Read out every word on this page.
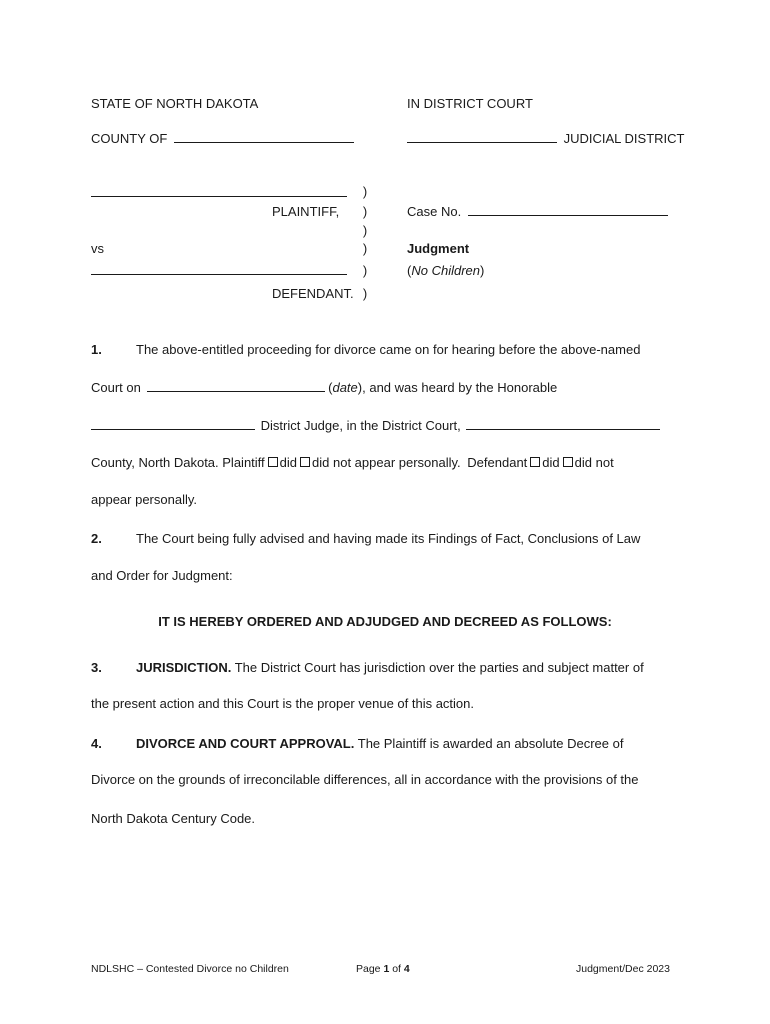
STATE OF NORTH DAKOTA	IN DISTRICT COURT
COUNTY OF	JUDICIAL DISTRICT
PLAINTIFF,
vs
DEFENDANT.
)
)
)
)
)
)
Case No.
Judgment
(No Children)
1.	The above-entitled proceeding for divorce came on for hearing before the above-named
Court on	(date), and was heard by the Honorable
District Judge, in the District Court,
County, North Dakota. Plaintiff did did not appear personally. Defendant did did not
appear personally.
2.	The Court being fully advised and having made its Findings of Fact, Conclusions of Law
and Order for Judgment:
IT IS HEREBY ORDERED AND ADJUDGED AND DECREED AS FOLLOWS:
3.	JURISDICTION. The District Court has jurisdiction over the parties and subject matter of
the present action and this Court is the proper venue of this action.
4.	DIVORCE AND COURT APPROVAL. The Plaintiff is awarded an absolute Decree of
Divorce on the grounds of irreconcilable differences, all in accordance with the provisions of the
North Dakota Century Code.
NDLSHC – Contested Divorce no Children	Page 1 of 4	Judgment/Dec 2023
